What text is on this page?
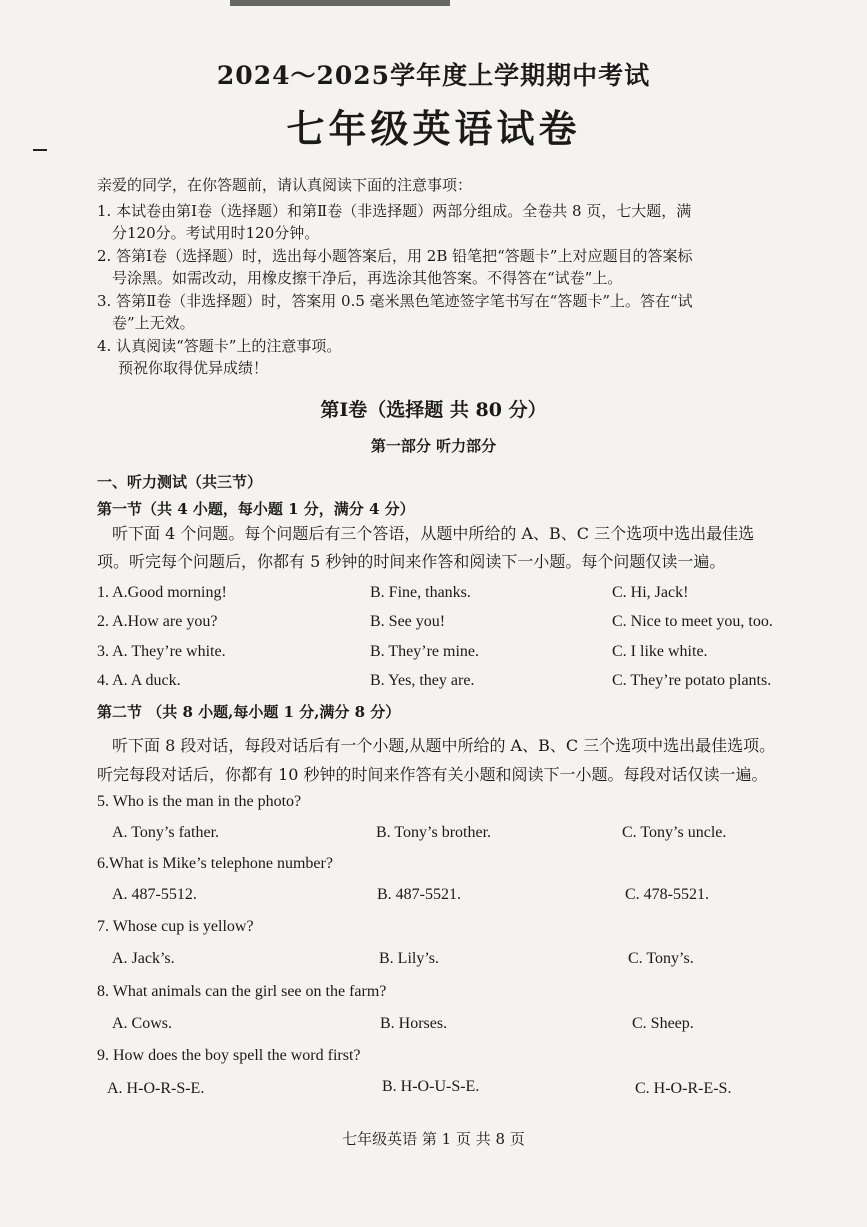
2024～2025学年度上学期期中考试
七年级英语试卷
亲爱的同学，在你答题前，请认真阅读下面的注意事项：
1. 本试卷由第Ⅰ卷（选择题）和第Ⅱ卷（非选择题）两部分组成。全卷共 8 页，七大题，满
分120分。考试用时120分钟。
2. 答第Ⅰ卷（选择题）时，选出每小题答案后，用 2B 铅笔把“答题卡”上对应题目的答案标
号涂黑。如需改动，用橡皮擦干净后，再选涂其他答案。不得答在“试卷”上。
3. 答第Ⅱ卷（非选择题）时，答案用 0.5 毫米黑色笔迹签字笔书写在“答题卡”上。答在“试
卷”上无效。
4. 认真阅读“答题卡”上的注意事项。
预祝你取得优异成绩！
第Ⅰ卷（选择题 共 80 分）
第一部分 听力部分
一、听力测试（共三节）
第一节（共 4 小题，每小题 1 分，满分 4 分）
听下面 4 个问题。每个问题后有三个答语，从题中所给的 A、B、C 三个选项中选出最佳选
项。听完每个问题后，你都有 5 秒钟的时间来作答和阅读下一小题。每个问题仅读一遍。
1. A.Good morning!	B. Fine, thanks.	C. Hi, Jack!
2. A.How are you?	B. See you!	C. Nice to meet you, too.
3. A. They’re white.	B. They’re mine.	C. I like white.
4. A. A duck.	B. Yes, they are.	C. They’re potato plants.
第二节 （共 8 小题,每小题 1 分,满分 8 分）
听下面 8 段对话，每段对话后有一个小题,从题中所给的 A、B、C 三个选项中选出最佳选项。
听完每段对话后，你都有 10 秒钟的时间来作答有关小题和阅读下一小题。每段对话仅读一遍。
5. Who is the man in the photo?
A. Tony’s father.	B. Tony’s brother.	C. Tony’s uncle.
6.What is Mike’s telephone number?
A. 487-5512.	B. 487-5521.	C. 478-5521.
7. Whose cup is yellow?
A. Jack’s.	B. Lily’s.	C. Tony’s.
8. What animals can the girl see on the farm?
A. Cows.	B. Horses.	C. Sheep.
9. How does the boy spell the word first?
A. H-O-R-S-E.	B. H-O-U-S-E.	C. H-O-R-E-S.
七年级英语 第 1 页 共 8 页
